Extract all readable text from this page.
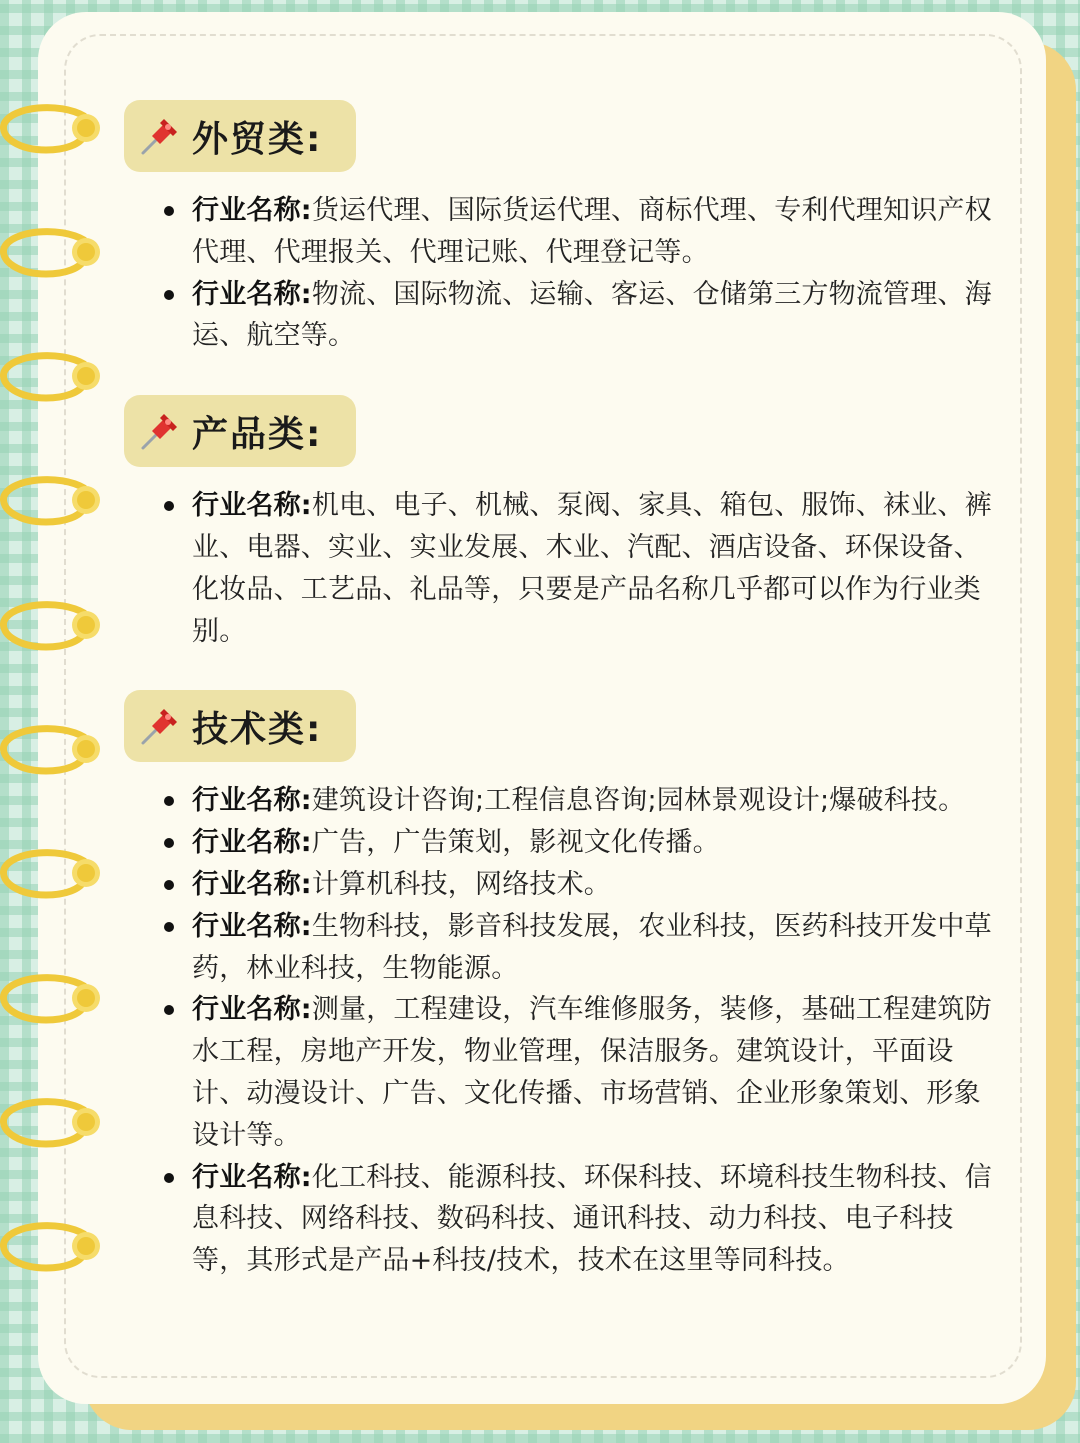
外贸类:
行业名称:货运代理、国际货运代理、商标代理、专利代理知识产权代理、代理报关、代理记账、代理登记等。
行业名称:物流、国际物流、运输、客运、仓储第三方物流管理、海运、航空等。
产品类:
行业名称:机电、电子、机械、泵阀、家具、箱包、服饰、袜业、裤业、电器、实业、实业发展、木业、汽配、酒店设备、环保设备、化妆品、工艺品、礼品等，只要是产品名称几乎都可以作为行业类别。
技术类:
行业名称:建筑设计咨询;工程信息咨询;园林景观设计;爆破科技。
行业名称:广告，广告策划，影视文化传播。
行业名称:计算机科技，网络技术。
行业名称:生物科技，影音科技发展，农业科技，医药科技开发中草药，林业科技，生物能源。
行业名称:测量，工程建设，汽车维修服务，装修，基础工程建筑防水工程，房地产开发，物业管理，保洁服务。建筑设计，平面设计、动漫设计、广告、文化传播、市场营销、企业形象策划、形象设计等。
行业名称:化工科技、能源科技、环保科技、环境科技生物科技、信息科技、网络科技、数码科技、通讯科技、动力科技、电子科技等，其形式是产品+科技/技术，技术在这里等同科技。
